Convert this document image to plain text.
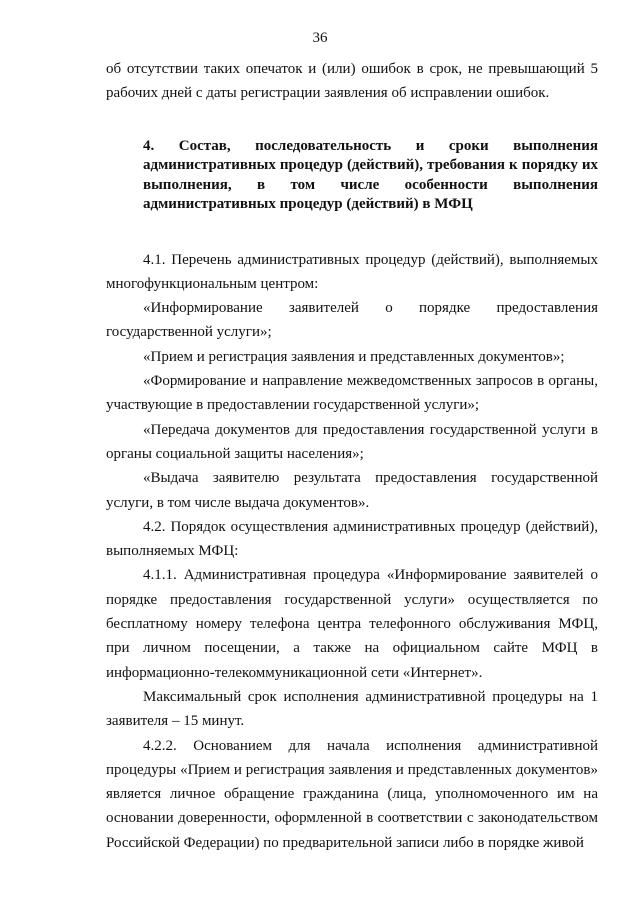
36

об отсутствии таких опечаток и (или) ошибок в срок, не превышающий 5 рабочих дней с даты регистрации заявления об исправлении ошибок.

4. Состав, последовательность и сроки выполнения административных процедур (действий), требования к порядку их выполнения, в том числе особенности выполнения административных процедур (действий) в МФЦ

4.1. Перечень административных процедур (действий), выполняемых многофункциональным центром:

«Информирование заявителей о порядке предоставления государственной услуги»;

«Прием и регистрация заявления и представленных документов»;

«Формирование и направление межведомственных запросов в органы, участвующие в предоставлении государственной услуги»;

«Передача документов для предоставления государственной услуги в органы социальной защиты населения»;

«Выдача заявителю результата предоставления государственной услуги, в том числе выдача документов».

4.2. Порядок осуществления административных процедур (действий), выполняемых МФЦ:

4.1.1. Административная процедура «Информирование заявителей о порядке предоставления государственной услуги» осуществляется по бесплатному номеру телефона центра телефонного обслуживания МФЦ, при личном посещении, а также на официальном сайте МФЦ в информационно-телекоммуникационной сети «Интернет».

Максимальный срок исполнения административной процедуры на 1 заявителя – 15 минут.

4.2.2. Основанием для начала исполнения административной процедуры «Прием и регистрация заявления и представленных документов» является личное обращение гражданина (лица, уполномоченного им на основании доверенности, оформленной в соответствии с законодательством Российской Федерации) по предварительной записи либо в порядке живой
